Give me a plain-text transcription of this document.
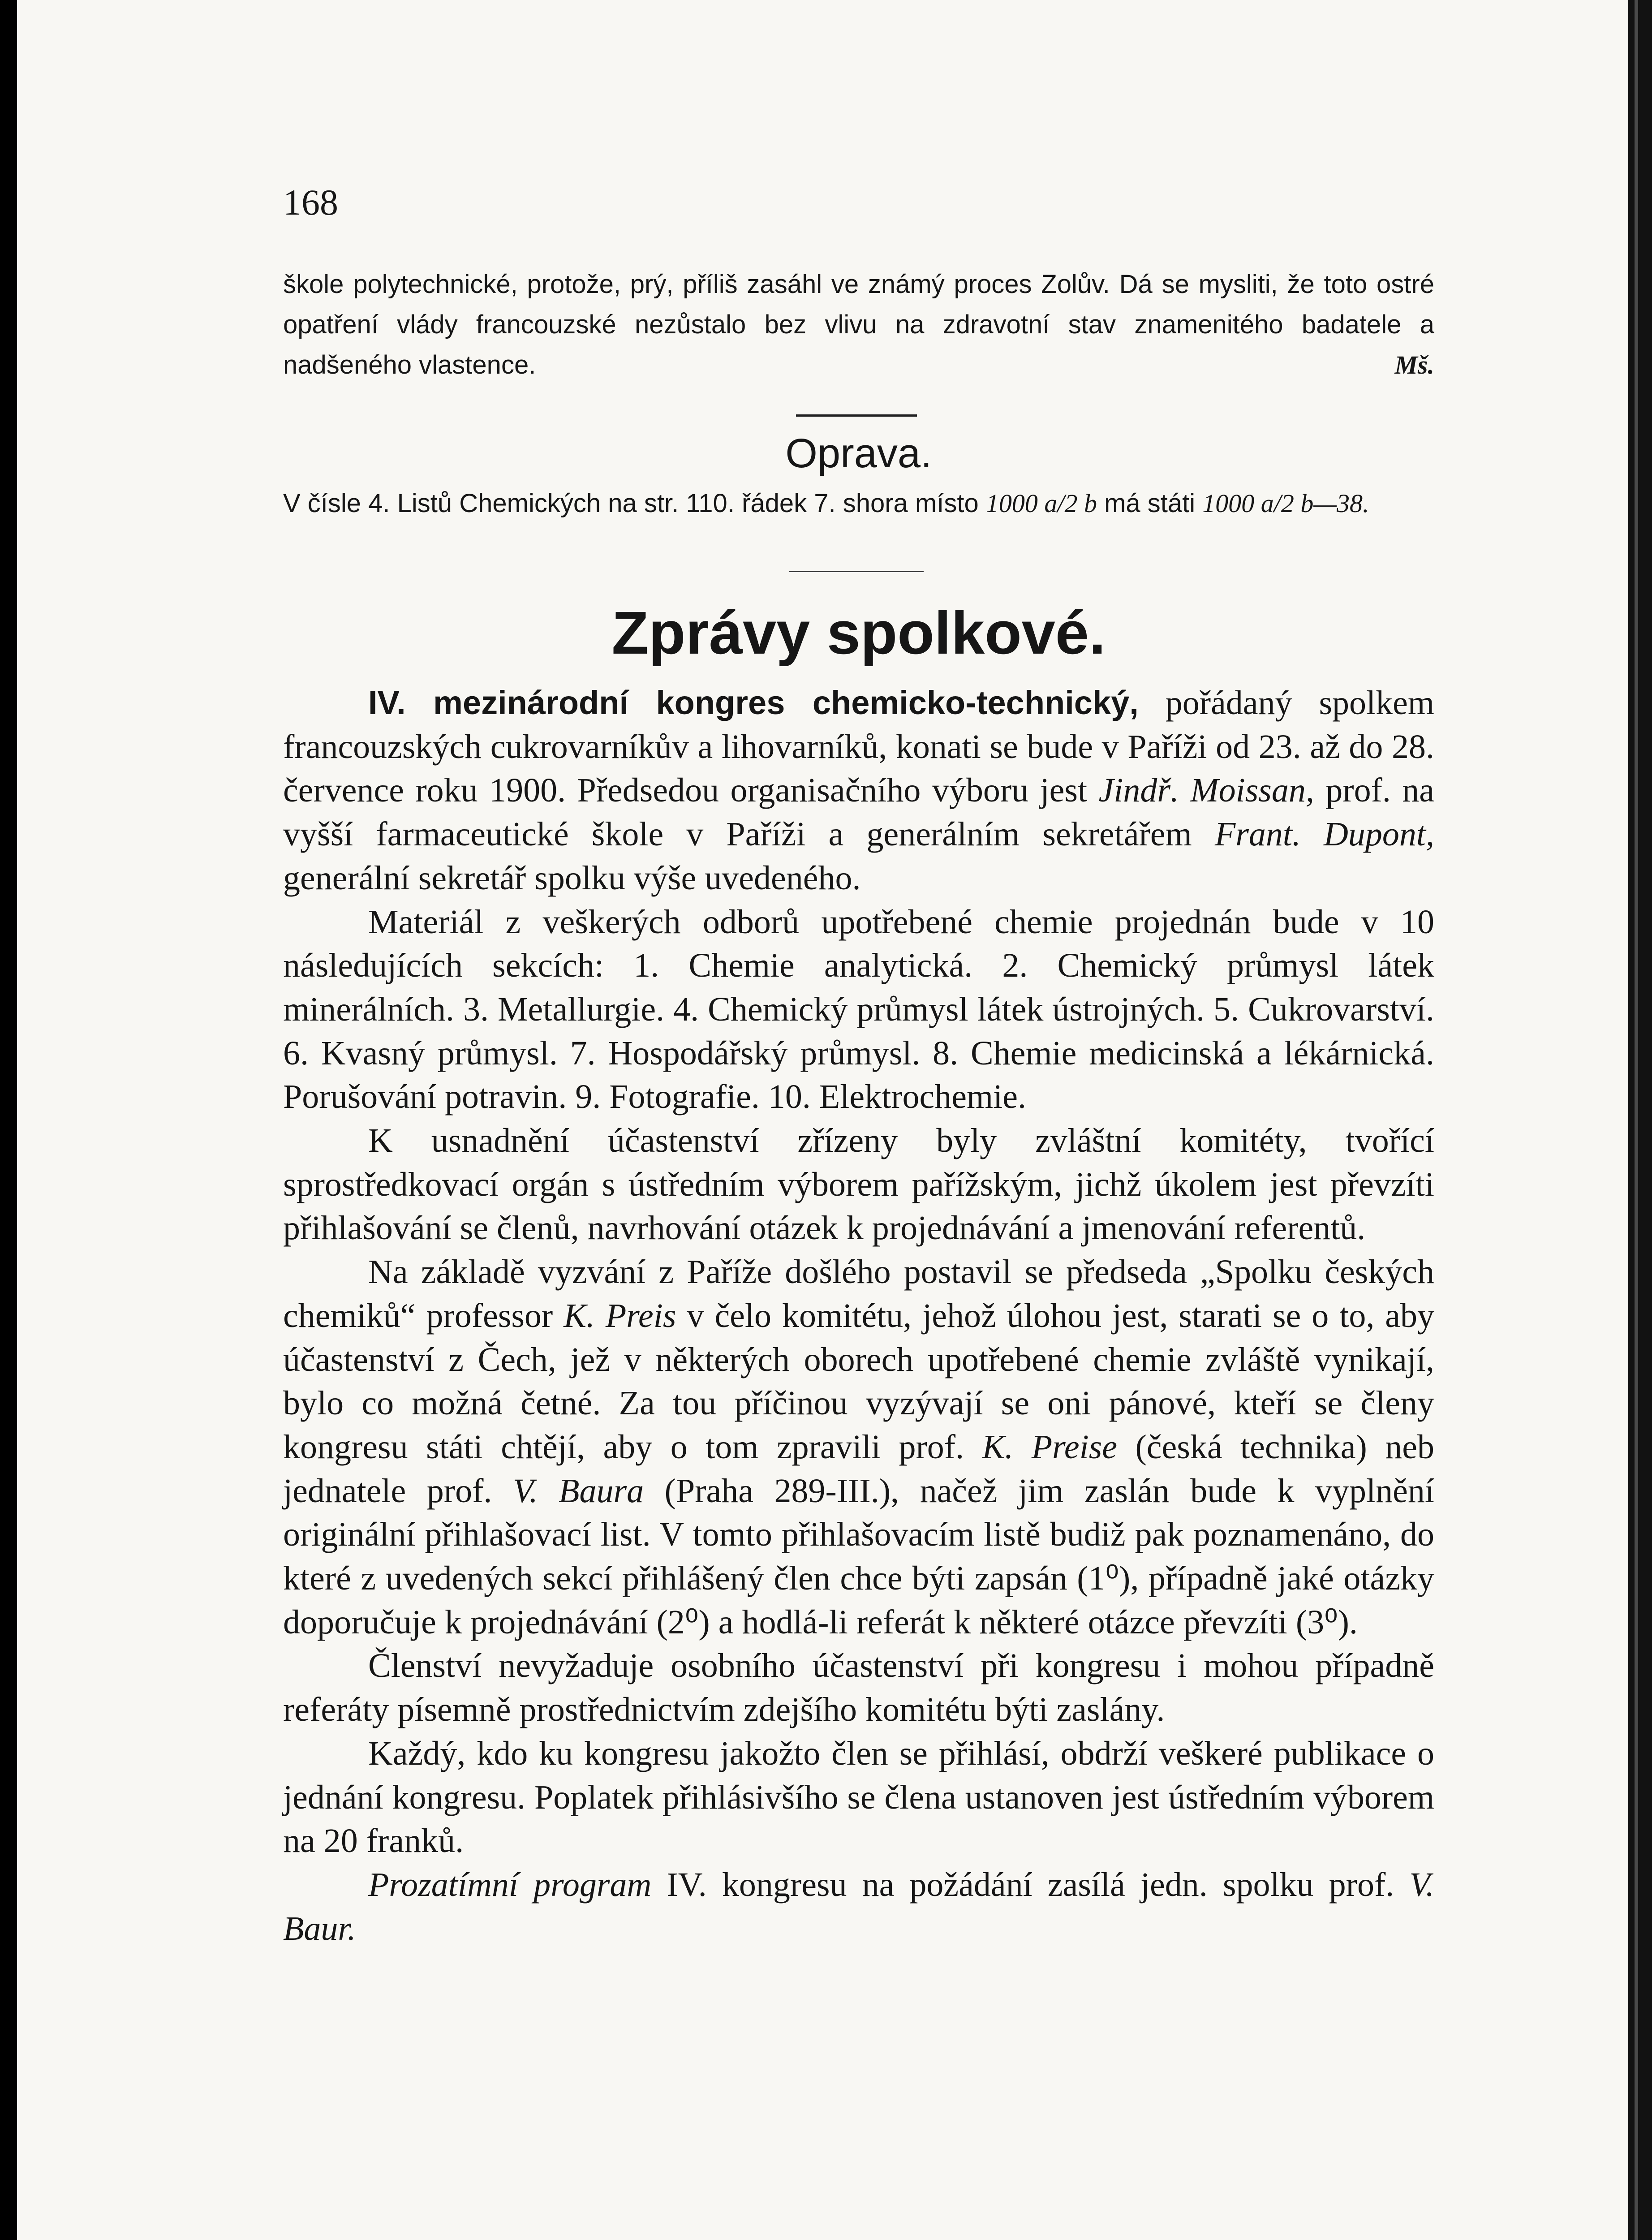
168
škole polytechnické, protože, prý, příliš zasáhl ve známý proces Zolův. Dá se mysliti, že toto ostré opatření vlády francouzské nezůstalo bez vlivu na zdravotní stav znamenitého badatele a nadšeného vlastence.	Mš.
Oprava.
V čísle 4. Listů Chemických na str. 110. řádek 7. shora místo 1000 a/2 b má státi 1000 a/2 b—38.
Zprávy spolkové.

IV. mezinárodní kongres chemicko-technický, pořádaný spolkem francouzských cukrovarníkův a lihovarníků, konati se bude v Paříži od 23. až do 28. července roku 1900. Předsedou organisačního výboru jest Jindř. Moissan, prof. na vyšší farmaceutické škole v Paříži a generálním sekretářem Frant. Dupont, generální sekretář spolku výše uvedeného.

Materiál z veškerých odborů upotřebené chemie projednán bude v 10 následujících sekcích: 1. Chemie analytická. 2. Chemický průmysl látek minerálních. 3. Metallurgie. 4. Chemický průmysl látek ústrojných. 5. Cukrovarství. 6. Kvasný průmysl. 7. Hospodářský průmysl. 8. Chemie medicinská a lékárnická. Porušování potravin. 9. Fotografie. 10. Elektrochemie.

K usnadnění účastenství zřízeny byly zvláštní komitéty, tvořící sprostředkovací orgán s ústředním výborem pařížským, jichž úkolem jest převzíti přihlašování se členů, navrhování otázek k projednávání a jmenování referentů.

Na základě vyzvání z Paříže došlého postavil se předseda „Spolku českých chemiků“ professor K. Preis v čelo komitétu, jehož úlohou jest, starati se o to, aby účastenství z Čech, jež v některých oborech upotřebené chemie zvláště vynikají, bylo co možná četné. Za tou příčinou vyzývají se oni pánové, kteří se členy kongresu státi chtějí, aby o tom zpravili prof. K. Preise (česká technika) neb jednatele prof. V. Baura (Praha 289-III.), načež jim zaslán bude k vyplnění originální přihlašovací list. V tomto přihlašovacím listě budiž pak poznamenáno, do které z uvedených sekcí přihlášený člen chce býti zapsán (1⁰), případně jaké otázky doporučuje k projednávání (2⁰) a hodlá-li referát k některé otázce převzíti (3⁰).

Členství nevyžaduje osobního účastenství při kongresu i mohou případně referáty písemně prostřednictvím zdejšího komitétu býti zaslány.

Každý, kdo ku kongresu jakožto člen se přihlásí, obdrží veškeré publikace o jednání kongresu. Poplatek přihlásivšího se člena ustanoven jest ústředním výborem na 20 franků.

Prozatímní program IV. kongresu na požádání zasílá jedn. spolku prof. V. Baur.
